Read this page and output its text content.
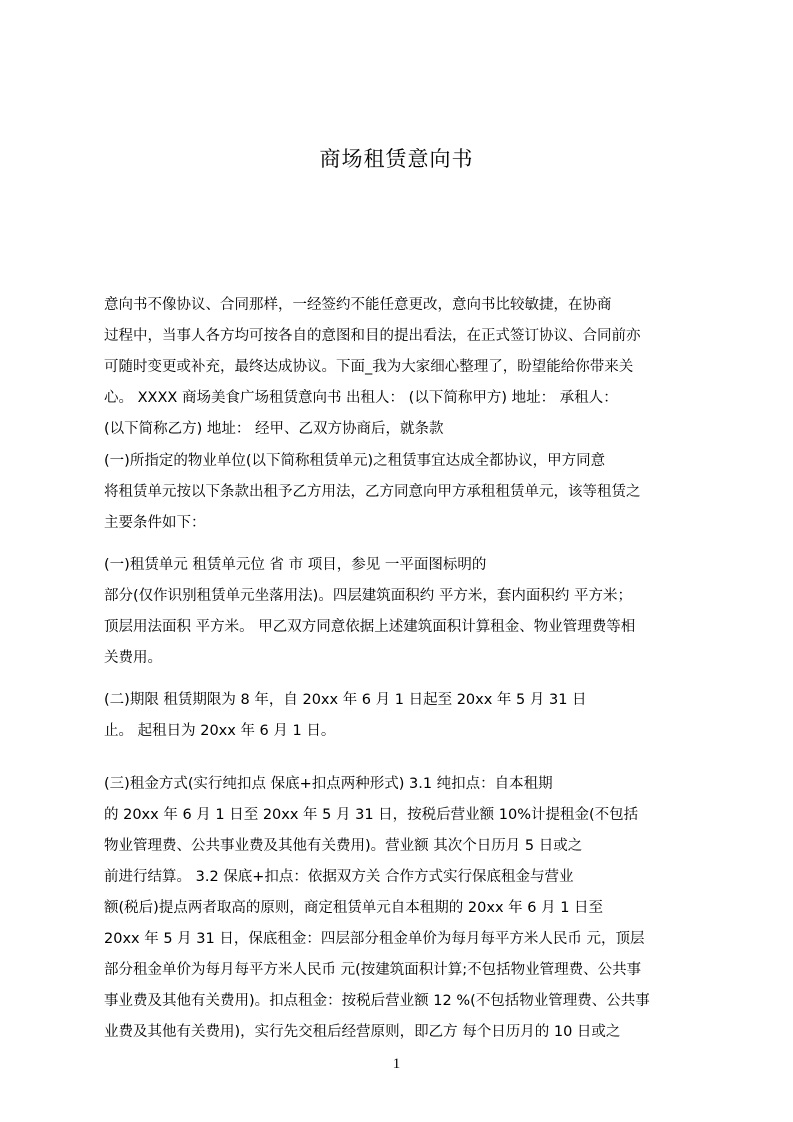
商场租赁意向书
意向书不像协议、合同那样，一经签约不能任意更改，意向书比较敏捷，在协商
过程中，当事人各方均可按各自的意图和目的提出看法，在正式签订协议、合同前亦
可随时变更或补充，最终达成协议。下面_我为大家细心整理了，盼望能给你带来关
心。 XXXX 商场美食广场租赁意向书 出租人： (以下简称甲方) 地址： 承租人：
(以下简称乙方) 地址： 经甲、乙双方协商后，就条款
(一)所指定的物业单位(以下简称租赁单元)之租赁事宜达成全都协议，甲方同意
将租赁单元按以下条款出租予乙方用法，乙方同意向甲方承租租赁单元，该等租赁之
主要条件如下：
(一)租赁单元 租赁单元位 省 市 项目，参见 一平面图标明的
部分(仅作识别租赁单元坐落用法)。四层建筑面积约 平方米，套内面积约 平方米；
顶层用法面积 平方米。 甲乙双方同意依据上述建筑面积计算租金、物业管理费等相
关费用。
(二)期限 租赁期限为 8 年，自 20xx 年 6 月 1 日起至 20xx 年 5 月 31 日
止。 起租日为 20xx 年 6 月 1 日。
(三)租金方式(实行纯扣点 保底+扣点两种形式) 3.1 纯扣点：自本租期
的 20xx 年 6 月 1 日至 20xx 年 5 月 31 日，按税后营业额 10%计提租金(不包括
物业管理费、公共事业费及其他有关费用)。营业额 其次个日历月 5 日或之
前进行结算。 3.2 保底+扣点：依据双方关 合作方式实行保底租金与营业
额(税后)提点两者取高的原则，商定租赁单元自本租期的 20xx 年 6 月 1 日至
20xx 年 5 月 31 日，保底租金：四层部分租金单价为每月每平方米人民币 元，顶层
部分租金单价为每月每平方米人民币 元(按建筑面积计算;不包括物业管理费、公共事
事业费及其他有关费用)。扣点租金：按税后营业额 12 %(不包括物业管理费、公共事
业费及其他有关费用)，实行先交租后经营原则，即乙方 每个日历月的 10 日或之
1
